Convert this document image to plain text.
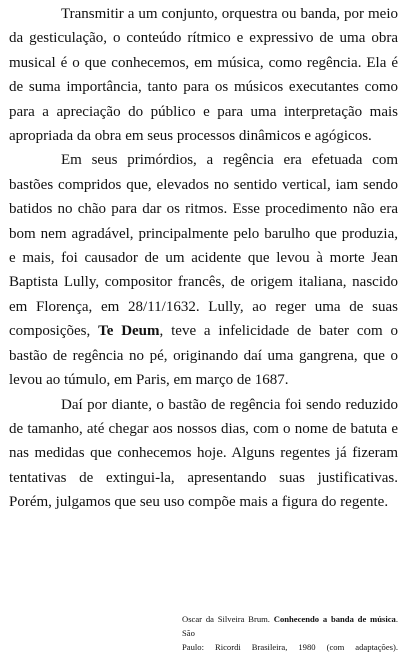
Transmitir a um conjunto, orquestra ou banda, por meio da gesticulação, o conteúdo rítmico e expressivo de uma obra musical é o que conhecemos, em música, como regência. Ela é de suma importância, tanto para os músicos executantes como para a apreciação do público e para uma interpretação mais apropriada da obra em seus processos dinâmicos e agógicos.

Em seus primórdios, a regência era efetuada com bastões compridos que, elevados no sentido vertical, iam sendo batidos no chão para dar os ritmos. Esse procedimento não era bom nem agradável, principalmente pelo barulho que produzia, e mais, foi causador de um acidente que levou à morte Jean Baptista Lully, compositor francês, de origem italiana, nascido em Florença, em 28/11/1632. Lully, ao reger uma de suas composições, Te Deum, teve a infelicidade de bater com o bastão de regência no pé, originando daí uma gangrena, que o levou ao túmulo, em Paris, em março de 1687.

Daí por diante, o bastão de regência foi sendo reduzido de tamanho, até chegar aos nossos dias, com o nome de batuta e nas medidas que conhecemos hoje. Alguns regentes já fizeram tentativas de extingui-la, apresentando suas justificativas. Porém, julgamos que seu uso compõe mais a figura do regente.

Oscar da Silveira Brum. Conhecendo a banda de música. São
Paulo: Ricordi Brasileira, 1980 (com adaptações).
